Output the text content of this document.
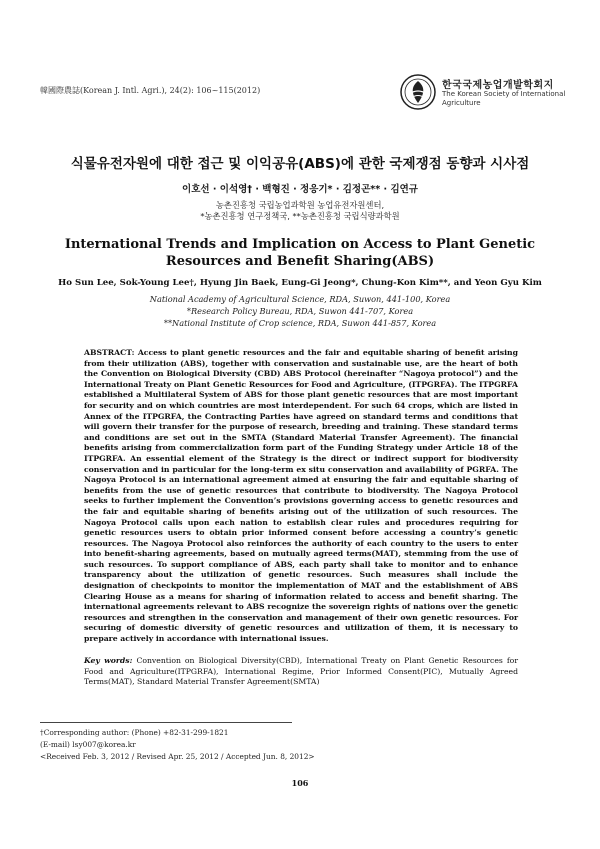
韓國際農誌(Korean J. Intl. Agri.), 24(2): 106~115(2012)	한국국제농업개발학회지
The Korean Society of International Agriculture
식물유전자원에 대한 접근 및 이익공유(ABS)에 관한 국제쟁점 동향과 시사점
이호선 · 이석영† · 백형진 · 정응기* · 김정곤** · 김연규
농촌진흥청 국립농업과학원 농업유전자원센터,
*농촌진흥청 연구정책국, **농촌진흥청 국립식량과학원
International Trends and Implication on Access to Plant Genetic Resources and Benefit Sharing(ABS)
Ho Sun Lee, Sok-Young Lee†, Hyung Jin Baek, Eung-Gi Jeong*, Chung-Kon Kim**, and Yeon Gyu Kim
National Academy of Agricultural Science, RDA, Suwon, 441-100, Korea
*Research Policy Bureau, RDA, Suwon 441-707, Korea
**National Institute of Crop science, RDA, Suwon 441-857, Korea

ABSTRACT: Access to plant genetic resources and the fair and equitable sharing of benefit arising from their utilization (ABS), together with conservation and sustainable use, are the heart of both the Convention on Biological Diversity (CBD) ABS Protocol (hereinafter “Nagoya protocol”) and the International Treaty on Plant Genetic Resources for Food and Agriculture, (ITPGRFA). The ITPGRFA established a Multilateral System of ABS for those plant genetic resources that are most important for security and on which countries are most interdependent. For such 64 crops, which are listed in Annex of the ITPGRFA, the Contracting Parties have agreed on standard terms and conditions that will govern their transfer for the purpose of research, breeding and training. These standard terms and conditions are set out in the SMTA (Standard Material Transfer Agreement). The financial benefits arising from commercialization form part of the Funding Strategy under Article 18 of the ITPGRFA. An essential element of the Strategy is the direct or indirect support for biodiversity conservation and in particular for the long-term ex situ conservation and availability of PGRFA. The Nagoya Protocol is an international agreement aimed at ensuring the fair and equitable sharing of benefits from the use of genetic resources that contribute to biodiversity. The Nagoya Protocol seeks to further implement the Convention’s provisions governing access to genetic resources and the fair and equitable sharing of benefits arising out of the utilization of such resources. The Nagoya Protocol calls upon each nation to establish clear rules and procedures requiring for genetic resources users to obtain prior informed consent before accessing a country’s genetic resources. The Nagoya Protocol also reinforces the authority of each country to the users to enter into benefit-sharing agreements, based on mutually agreed terms(MAT), stemming from the use of such resources. To support compliance of ABS, each party shall take to monitor and to enhance transparency about the utilization of genetic resources. Such measures shall include the designation of checkpoints to monitor the implementation of MAT and the establishment of ABS Clearing House as a means for sharing of information related to access and benefit sharing. The international agreements relevant to ABS recognize the sovereign rights of nations over the genetic resources and strengthen in the conservation and management of their own genetic resources. For securing of domestic diversity of genetic resources and utilization of them, it is necessary to prepare actively in accordance with international issues.

Key words: Convention on Biological Diversity(CBD), International Treaty on Plant Genetic Resources for Food and Agriculture(ITPGRFA), International Regime, Prior Informed Consent(PIC), Mutually Agreed Terms(MAT), Standard Material Transfer Agreement(SMTA)

†Corresponding author: (Phone) +82-31-299-1821
(E-mail) lsy007@korea.kr
<Received Feb. 3, 2012 / Revised Apr. 25, 2012 / Accepted Jun. 8, 2012>
106
